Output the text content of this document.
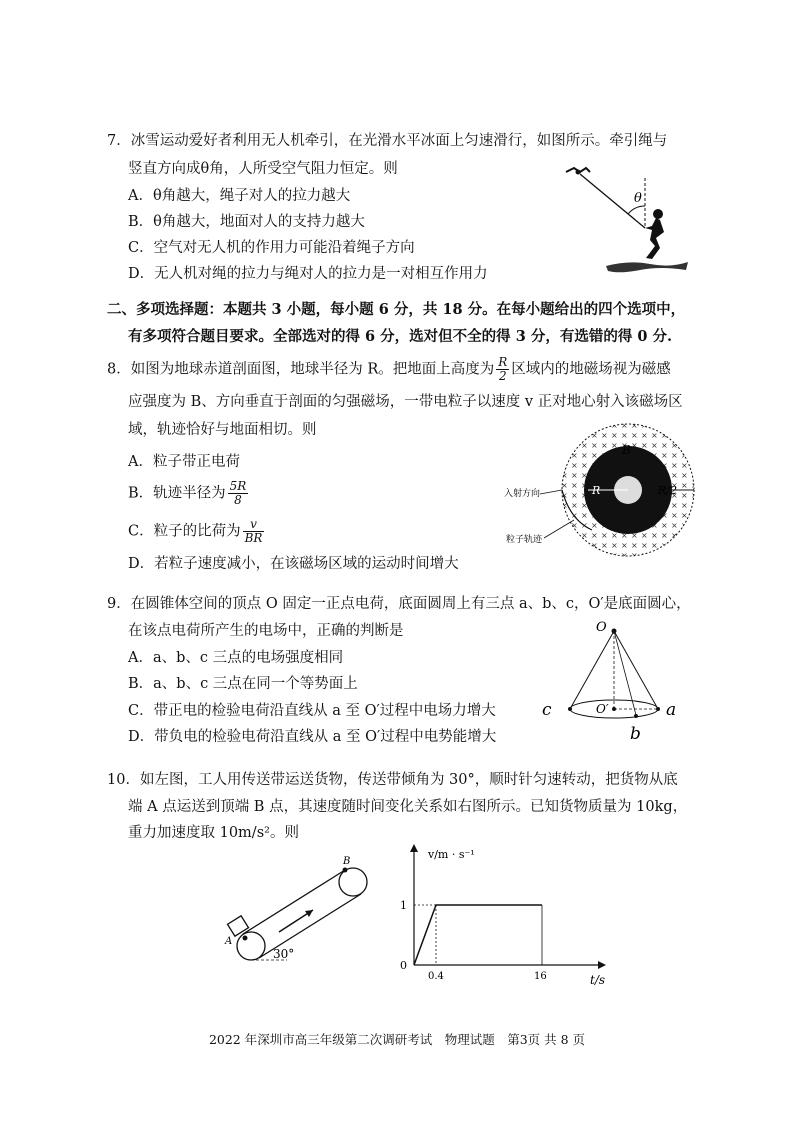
7．冰雪运动爱好者利用无人机牵引，在光滑水平冰面上匀速滑行，如图所示。牵引绳与
竖直方向成θ角，人所受空气阻力恒定。则
A．θ角越大，绳子对人的拉力越大
B．θ角越大，地面对人的支持力越大
C．空气对无人机的作用力可能沿着绳子方向
D．无人机对绳的拉力与绳对人的拉力是一对相互作用力
θ
二、多项选择题：本题共 3 小题，每小题 6 分，共 18 分。在每小题给出的四个选项中，
有多项符合题目要求。全部选对的得 6 分，选对但不全的得 3 分，有选错的得 0 分.
8．如图为地球赤道剖面图，地球半径为 R。把地面上高度为 $\frac{R}{2}$ 区域内的地磁场视为磁感
应强度为 B、方向垂直于剖面的匀强磁场，一带电粒子以速度 v 正对地心射入该磁场区
域，轨迹恰好与地面相切。则
A．粒子带正电荷
B．轨迹半径为 $\frac{5R}{8}$
C．粒子的比荷为 $\frac{v}{BR}$
D．若粒子速度减小，在该磁场区域的运动时间增大
R	R/2
B
入射方向
粒子轨迹
9．在圆锥体空间的顶点 O 固定一正点电荷，底面圆周上有三点 a、b、c，O′是底面圆心，
在该点电荷所产生的电场中，正确的判断是
A．a、b、c 三点的电场强度相同
B．a、b、c 三点在同一个等势面上
C．带正电的检验电荷沿直线从 a 至 O′过程中电场力增大
D．带负电的检验电荷沿直线从 a 至 O′过程中电势能增大
O
O′
c	a
b
10．如左图，工人用传送带运送货物，传送带倾角为 30°，顺时针匀速转动，把货物从底
端 A 点运送到顶端 B 点，其速度随时间变化关系如右图所示。已知货物质量为 10kg，
重力加速度取 10m/s²。则
A
B
30°
v/m · s⁻¹
t/s
0
0.4	16
1
2022 年深圳市高三年级第二次调研考试　物理试题　第3页 共 8 页
